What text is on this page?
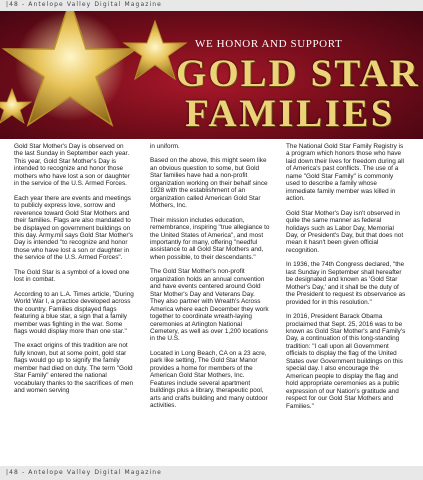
|48 - Antelope Valley Digital Magazine
WE HONOR AND SUPPORT
GOLD STAR
FAMILIES

Gold Star Mother's Day is observed on the last Sunday in September each year. This year, Gold Star Mother's Day is intended to recognize and honor those mothers who have lost a son or daughter in the service of the U.S. Armed Forces.

Each year there are events and meetings to publicly express love, sorrow and reverence toward Gold Star Mothers and their families. Flags are also mandated to be displayed on government buildings on this day. Army.mil says Gold Star Mother's Day is intended "to recognize and honor those who have lost a son or daughter in the service of the U.S. Armed Forces".

The Gold Star is a symbol of a loved one lost in combat.

According to an L.A. Times article, "During World War I, a practice developed across the country. Families displayed flags featuring a blue star, a sign that a family member was fighting in the war. Some flags would display more than one star."

The exact origins of this tradition are not fully known, but at some point, gold star flags would go up to signify the family member had died on duty. The term "Gold Star Family" entered the national vocabulary thanks to the sacrifices of men and women serving

in uniform.

Based on the above, this might seem like an obvious question to some, but Gold Star families have had a non-profit organization working on their behalf since 1928 with the establishment of an organization called American Gold Star Mothers, Inc.

Their mission includes education, remembrance, inspiring "true allegiance to the United States of America", and most importantly for many, offering "needful assistance to all Gold Star Mothers and, when possible, to their descendants."

The Gold Star Mother's non-profit organization holds an annual convention and have events centered around Gold Star Mother's Day and Veterans Day. They also partner with Wreath's Across America where each December they work together to coordinate wreath-laying ceremonies at Arlington National Cemetery, as well as over 1,200 locations in the U.S.

Located in Long Beach, CA on a 23 acre, park like setting, The Gold Star Manor provides a home for members of the American Gold Star Mothers, Inc. Features include several apartment buildings plus a library, therapeutic pool, arts and crafts building and many outdoor activities.

The National Gold Star Family Registry is a program which honors those who have laid down their lives for freedom during all of America's past conflicts. The use of a name "Gold Star Family" is commonly used to describe a family whose immediate family member was killed in action.

Gold Star Mother's Day isn't observed in quite the same manner as federal holidays such as Labor Day, Memorial Day, or President's Day, but that does not mean it hasn't been given official recognition.

In 1936, the 74th Congress declared, "the last Sunday in September shall hereafter be designated and known as 'Gold Star Mother's Day,' and it shall be the duty of the President to request its observance as provided for in this resolution."

In 2016, President Barack Obama proclaimed that Sept. 25, 2016 was to be known as Gold Star Mother's and Family's Day, a continuation of this long-standing tradition: "I call upon all Government officials to display the flag of the United States over Government buildings on this special day. I also encourage the American people to display the flag and hold appropriate ceremonies as a public expression of our Nation's gratitude and respect for our Gold Star Mothers and Families."

|48 - Antelope Valley Digital Magazine
